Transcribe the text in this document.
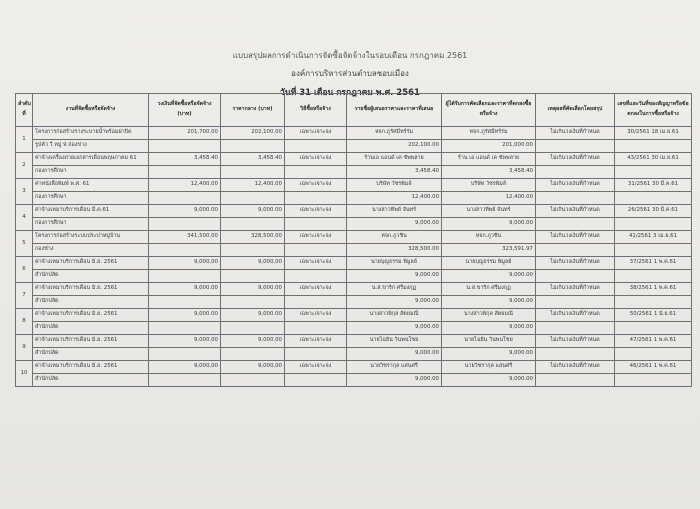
แบบสรุปผลการดำเนินการจัดซื้อจัดจ้างในรอบเดือน กรกฎาคม 2561
องค์การบริหารส่วนตำบลชอบเมือง
วันที่ 31 เดือน กรกฎาคม พ.ศ. 2561
ลำดับที่	งานที่จัดซื้อหรือจัดจ้าง	วงเงินที่จัดซื้อหรือจัดจ้าง (บาท)	ราคากลาง (บาท)	วิธีซื้อหรือจ้าง	รายชื่อผู้เสนอราคาและราคาที่เสนอ	ผู้ได้รับการคัดเลือกและราคาที่ตกลงซื้อหรือจ้าง	เหตุผลที่คัดเลือกโดยสรุป	เลขที่และวันที่ของสัญญาหรือข้อตกลงในการซื้อหรือจ้าง
1	โครงการก่อสร้างรางระบายน้ำพร้อมฝาปิด	201,700.00	202,100.00	เฉพาะเจาะจง	หจก.ภูรัศมีทร์ร่ม	หจก.ภูรัศมีทร์ร่ม	ไม่เกินวงเงินที่กำหนด	30/2561 18 เม.ย.61
	รูปตัว วี หมู่ 9 ถ่องข่าง				202,100.00	201,000.00		
2	ค่าจ้างเครื่องถ่ายเอกสารเดือนพฤษภาคม 61	3,458.40	3,458.40	เฉพาะเจาะจง	ร้านเอ แอนด์ เค ซัพพลาย	ร้าน เอ แอนด์ เค ซัพพลาย	ไม่เกินวงเงินที่กำหนด	43/2561 30 เม.ย.61
	กองการศึกษา				3,458.40	3,458.40		
3	ค่าหนังสือพิมพ์ พ.ศ. 61	12,400.00	12,400.00	เฉพาะเจาะจง	บริษัท วัชรพิมล์	บริษัท วัชรพิมล์	ไม่เกินวงเงินที่กำหนด	31/2561 30 มี.ค.61
	กองการศึกษา				12,400.00	12,400.00		
4	ค่าจ้างเหมาบริการเดือน มี.ค.61	9,000.00	9,000.00	เฉพาะเจาะจง	นางสาวทิพย์ จันทร์	นางสาวทิพย์ จันทร์	ไม่เกินวงเงินที่กำหนด	26/2561 30 มี.ค.61
	กองการศึกษา				9,000.00	9,000.00		
5	โครงการก่อสร้างระบบประปาหมู่บ้าน	341,500.00	328,500.00	เฉพาะเจาะจง	หจก.ภูวชิน	หจก.ภูวชิน	ไม่เกินวงเงินที่กำหนด	41/2561 3 เม.ย.61
	กองช่าง				328,500.00	323,591.97		
6	ค่าจ้างเหมาบริการเดือน มิ.ย. 2561	9,000.00	9,000.00	เฉพาะเจาะจง	นายบุญธรรม พิมูลย์	นายบุญธรรม พิมูลย์	ไม่เกินวงเงินที่กำหนด	37/2561 1 พ.ค.61
	สำนักปลัด				9,000.00	9,000.00		
7	ค่าจ้างเหมาบริการเดือน มิ.ย. 2561	9,000.00	9,000.00	เฉพาะเจาะจง	น.ส.ขาริก ศรีมงกุฏ	น.ส.ขาริก ศรีมงกุฏ	ไม่เกินวงเงินที่กำหนด	38/2561 1 พ.ค.61
	สำนักปลัด				9,000.00	9,000.00		
8	ค่าจ้างเหมาบริการเดือน มิ.ย. 2561	9,000.00	9,000.00	เฉพาะเจาะจง	นางสาวพิกุล สัตยมณี	นางสาวพิกุล สัตยมณี	ไม่เกินวงเงินที่กำหนด	50/2561 1 มิ.ย.61
	สำนักปลัด				9,000.00	9,000.00		
9	ค่าจ้างเหมาบริการเดือน มิ.ย. 2561	9,000.00	9,000.00	เฉพาะเจาะจง	นายไฉยิน วินพนโชย	นายไฉยิน วินพนโชย	ไม่เกินวงเงินที่กำหนด	47/2561 1 พ.ค.61
	สำนักปลัด				9,000.00	9,000.00		
10	ค่าจ้างเหมาบริการเดือน มิ.ย. 2561	9,000.00	9,000.00	เฉพาะเจาะจง	นายวิชรากุล แสนศรี	นายวิชรากุล แสนศรี	ไม่เกินวงเงินที่กำหนด	46/2561 1 พ.ค.61
	สำนักปลัด				9,000.00	9,000.00		
